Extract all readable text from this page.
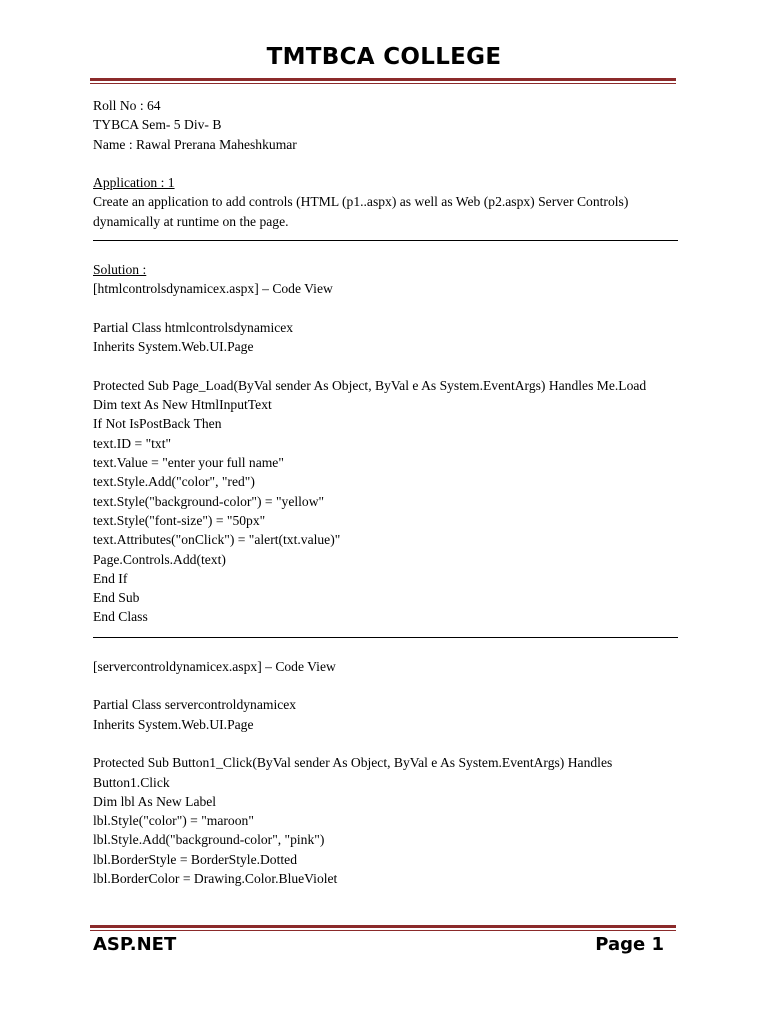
TMTBCA COLLEGE
Roll No : 64
TYBCA Sem- 5 Div- B
Name : Rawal Prerana Maheshkumar
Application : 1
Create an application to add controls (HTML (p1..aspx) as well as Web (p2.aspx) Server Controls) dynamically at runtime on the page.
Solution :
[htmlcontrolsdynamicex.aspx] – Code View
Partial Class htmlcontrolsdynamicex
Inherits System.Web.UI.Page
Protected Sub Page_Load(ByVal sender As Object, ByVal e As System.EventArgs) Handles Me.Load
Dim text As New HtmlInputText
If Not IsPostBack Then
text.ID = "txt"
text.Value = "enter your full name"
text.Style.Add("color", "red")
text.Style("background-color") = "yellow"
text.Style("font-size") = "50px"
text.Attributes("onClick") = "alert(txt.value)"
Page.Controls.Add(text)
End If
End Sub
End Class
[servercontroldynamicex.aspx] – Code View
Partial Class servercontroldynamicex
Inherits System.Web.UI.Page
Protected Sub Button1_Click(ByVal sender As Object, ByVal e As System.EventArgs) Handles Button1.Click
Dim lbl As New Label
lbl.Style("color") = "maroon"
lbl.Style.Add("background-color", "pink")
lbl.BorderStyle = BorderStyle.Dotted
lbl.BorderColor = Drawing.Color.BlueViolet
ASP.NET	Page 1
